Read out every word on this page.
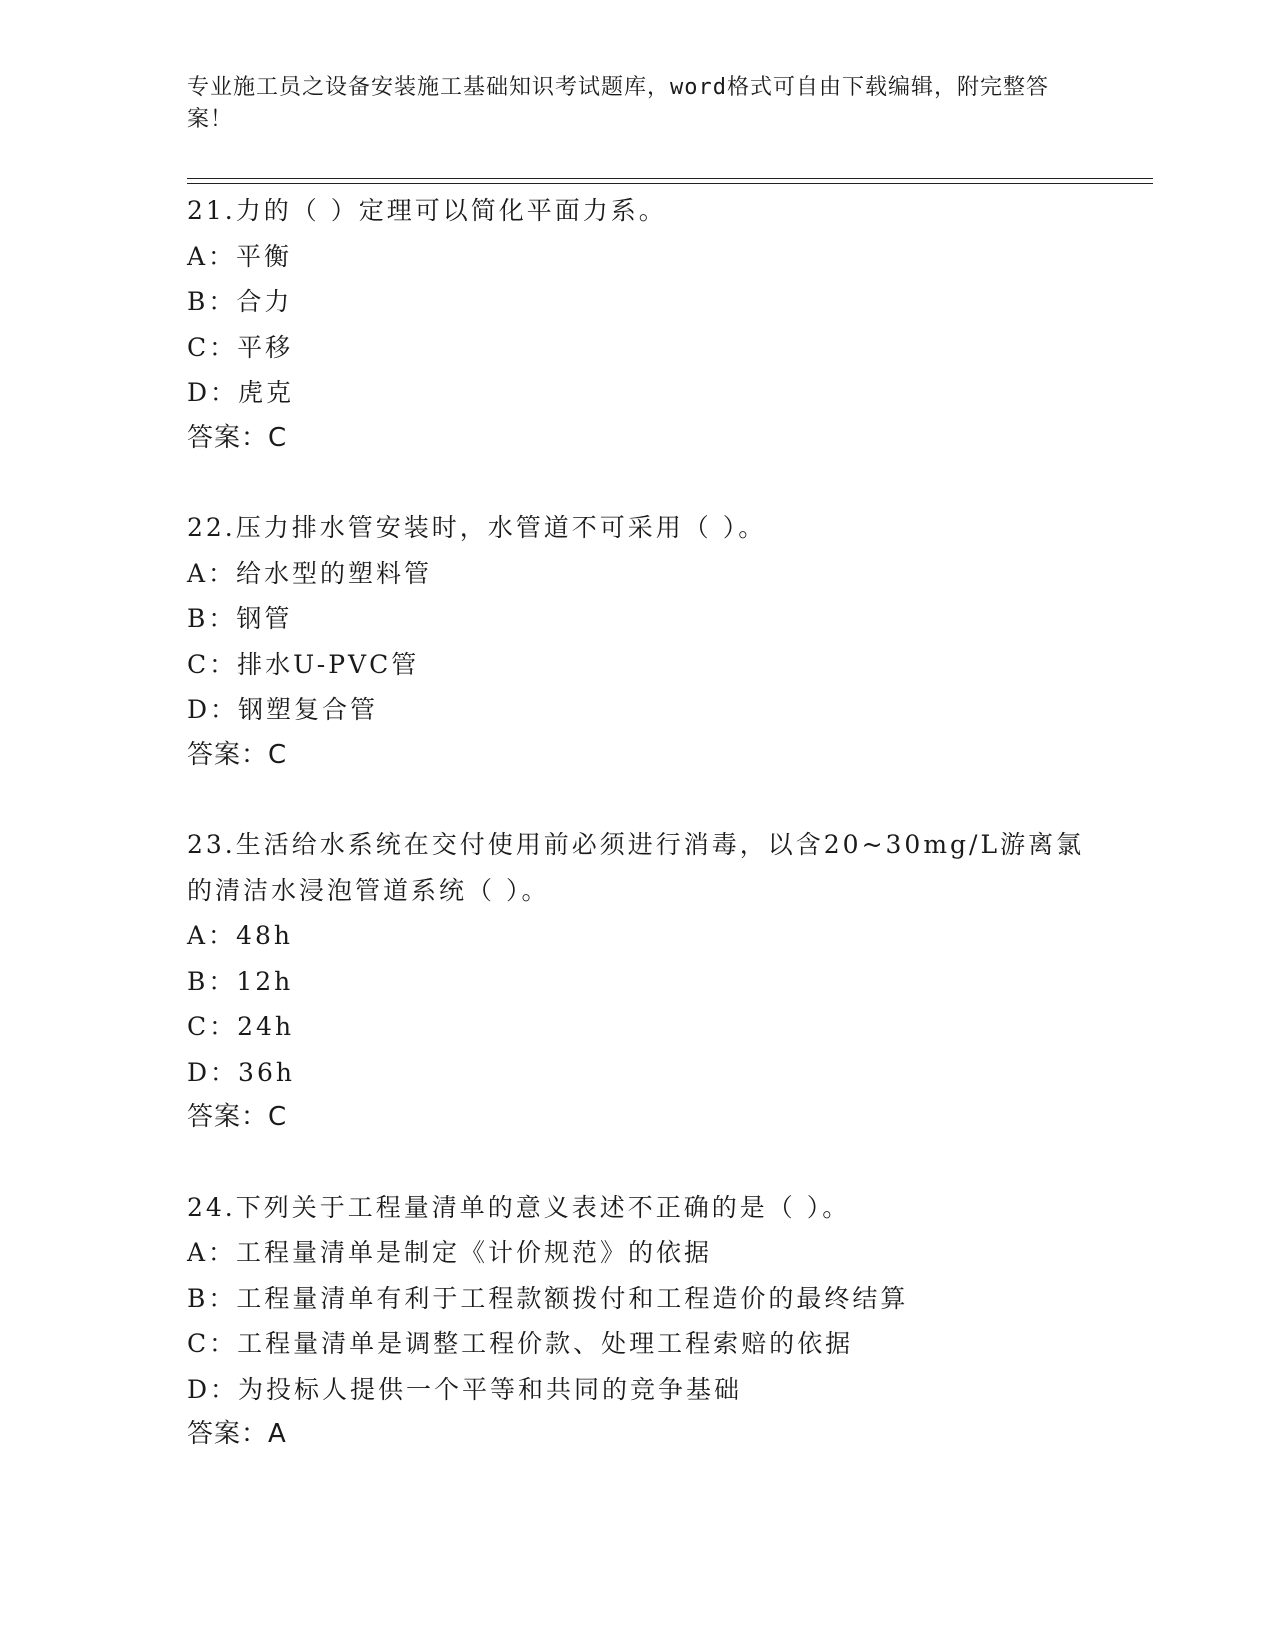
专业施工员之设备安装施工基础知识考试题库，word格式可自由下载编辑，附完整答案！
21.力的（ ）定理可以简化平面力系。
A：平衡
B：合力
C：平移
D：虎克
答案：C
22.压力排水管安装时，水管道不可采用（ ）。
A：给水型的塑料管
B：钢管
C：排水U-PVC管
D：钢塑复合管
答案：C
23.生活给水系统在交付使用前必须进行消毒，以含20~30mg/L游离氯的清洁水浸泡管道系统（ ）。
A：48h
B：12h
C：24h
D：36h
答案：C
24.下列关于工程量清单的意义表述不正确的是（ ）。
A：工程量清单是制定《计价规范》的依据
B：工程量清单有利于工程款额拨付和工程造价的最终结算
C：工程量清单是调整工程价款、处理工程索赔的依据
D：为投标人提供一个平等和共同的竞争基础
答案：A
